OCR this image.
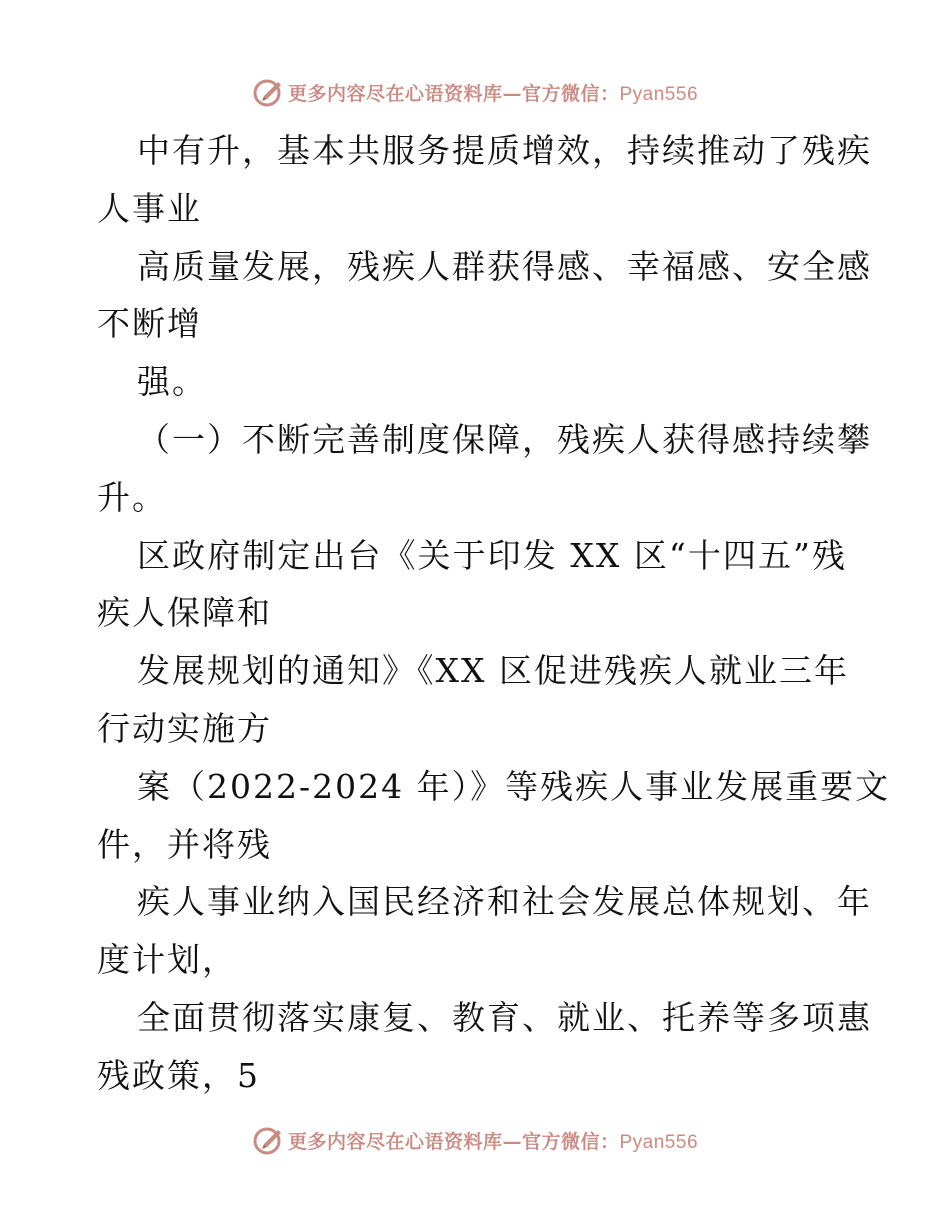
更多内容尽在心语资料库—官方微信：Pyan556
中有升，基本共服务提质增效，持续推动了残疾
人事业
高质量发展，残疾人群获得感、幸福感、安全感
不断增
强。
（一）不断完善制度保障，残疾人获得感持续攀
升。
区政府制定出台《关于印发 XX 区“十四五”残
疾人保障和
发展规划的通知》《XX 区促进残疾人就业三年
行动实施方
案（2022-2024 年）》等残疾人事业发展重要文
件，并将残
疾人事业纳入国民经济和社会发展总体规划、年
度计划，
全面贯彻落实康复、教育、就业、托养等多项惠
残政策，5
更多内容尽在心语资料库—官方微信：Pyan556
